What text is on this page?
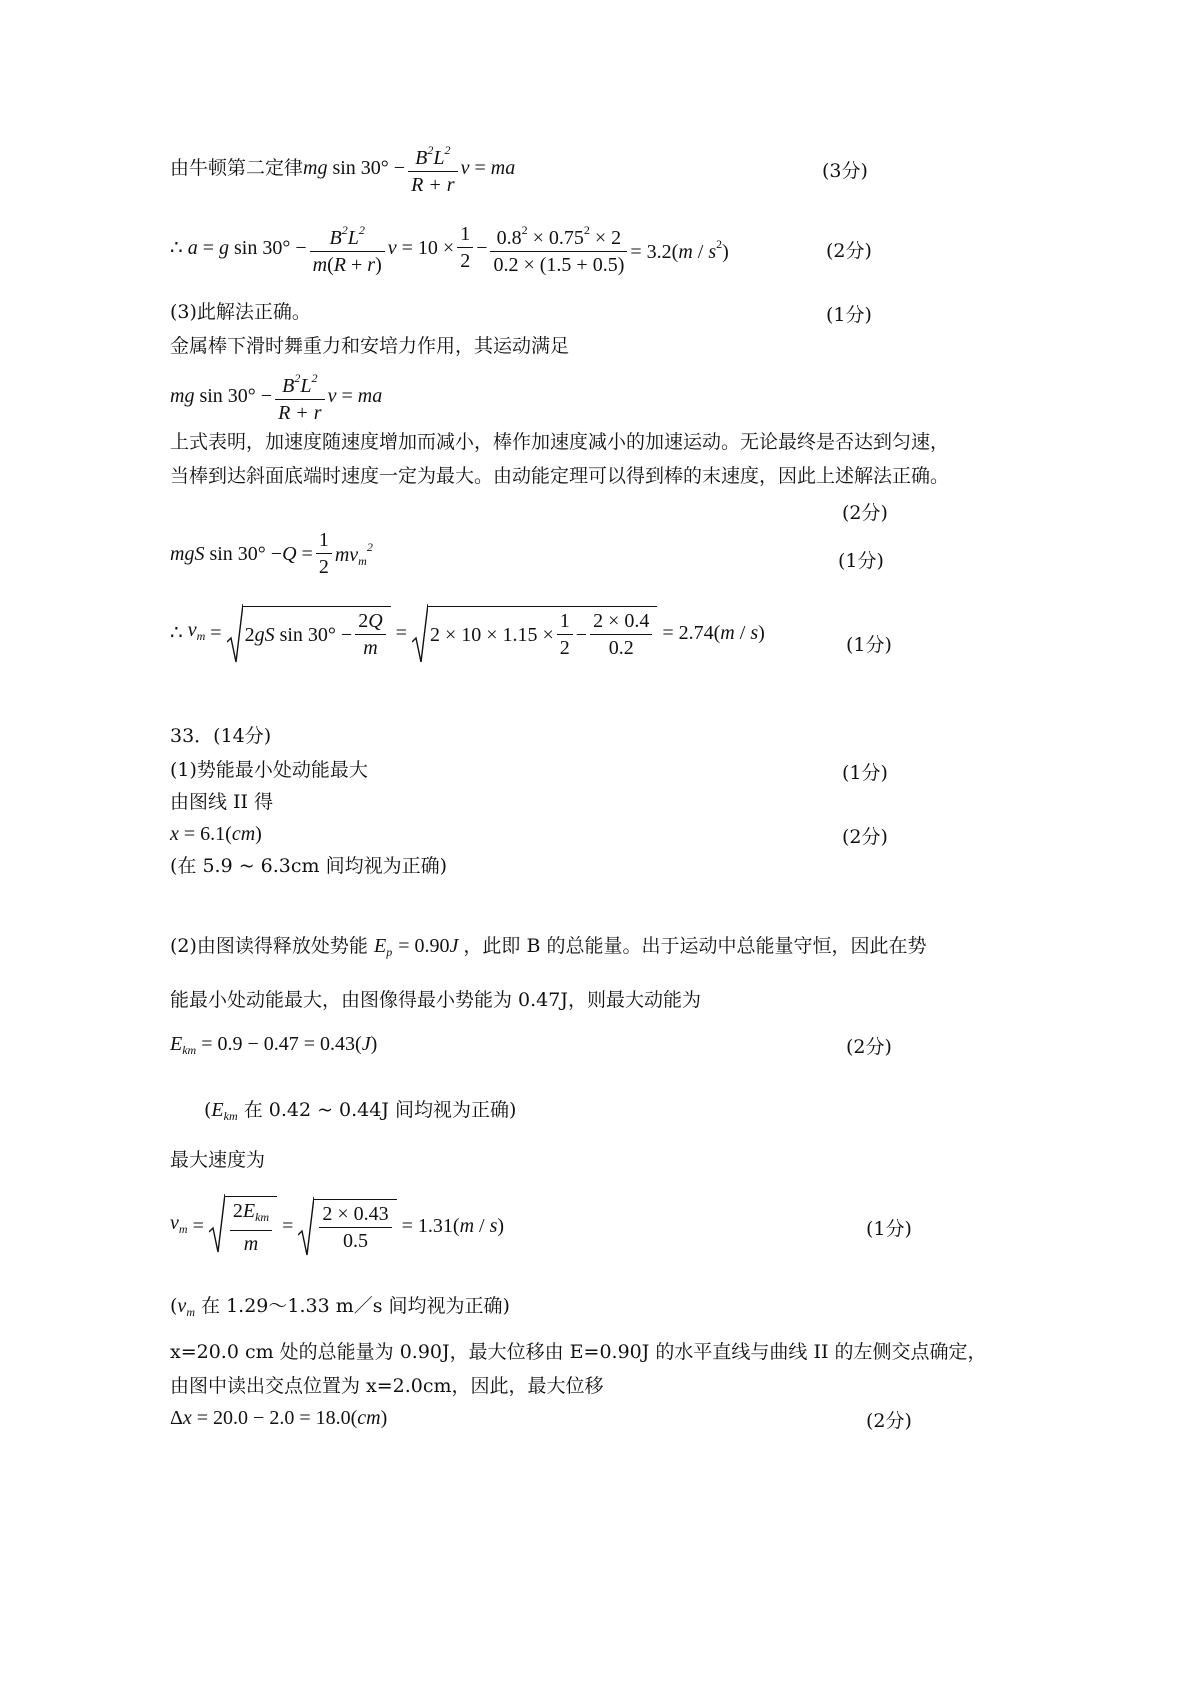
由牛顿第二定律 mg $\sin 30^\circ - \frac{B^2L^2}{R + r}$ v = ma	(3分)
∴ a = g $\sin 30^\circ - \frac{B^2L^2}{m(R + r)}$ $v = 10 \times \frac{1}{2} - \frac{0.8^2 \times 0.75^2 \times 2}{0.2 \times (1.5 + 0.5)} = 3.2(m / s^2)$	(2分)
(3)此解法正确。	(1分)
金属棒下滑时舞重力和安培力作用，其运动满足
mg $\sin 30^\circ - \frac{B^2L^2}{R + r}$ v = ma
上式表明，加速度随速度增加而减小，棒作加速度减小的加速运动。无论最终是否达到匀速，
当棒到达斜面底端时速度一定为最大。由动能定理可以得到棒的末速度，因此上述解法正确。
(2分)
mgS $\sin 30^\circ - Q = \frac{1}{2} mv_m^2$
(1分)
∴ $v_m = 2$ gS $\sin 30^\circ - \frac{2Q}{m} = 2 \times 10 \times 1.15 \times \frac{1}{2} - \frac{2 \times 0.4}{0.2} = 2.74(m / s)$
(1分)
33．(14分)
(1)势能最小处动能最大	(1分)
由图线 II 得
x = 6.1(cm)	(2分)
(在 5.9 ~ 6.3cm 间均视为正确)
(2)由图读得释放处势能 $E_p = 0.90J$ ，此即 B 的总能量。出于运动中总能量守恒，因此在势
能最小处动能最大，由图像得最小势能为 0.47J，则最大动能为
$E_{km} = 0.9 - 0.47 = 0.43(J)$	(2分)
($E_{km}$ 在 0.42 ~ 0.44J 间均视为正确)
最大速度为
$v_m = \frac{2E_{km}}{m} = \frac{2 \times 0.43}{0.5} = 1.31(m / s)$	(1分)
($v_m$ 在 1.29～1.33 m／s 间均视为正确)
x=20.0 cm 处的总能量为 0.90J，最大位移由 E=0.90J 的水平直线与曲线 II 的左侧交点确定，
由图中读出交点位置为 x=2.0cm，因此，最大位移
Δx = 20.0 − 2.0 = 18.0(cm)	(2分)
